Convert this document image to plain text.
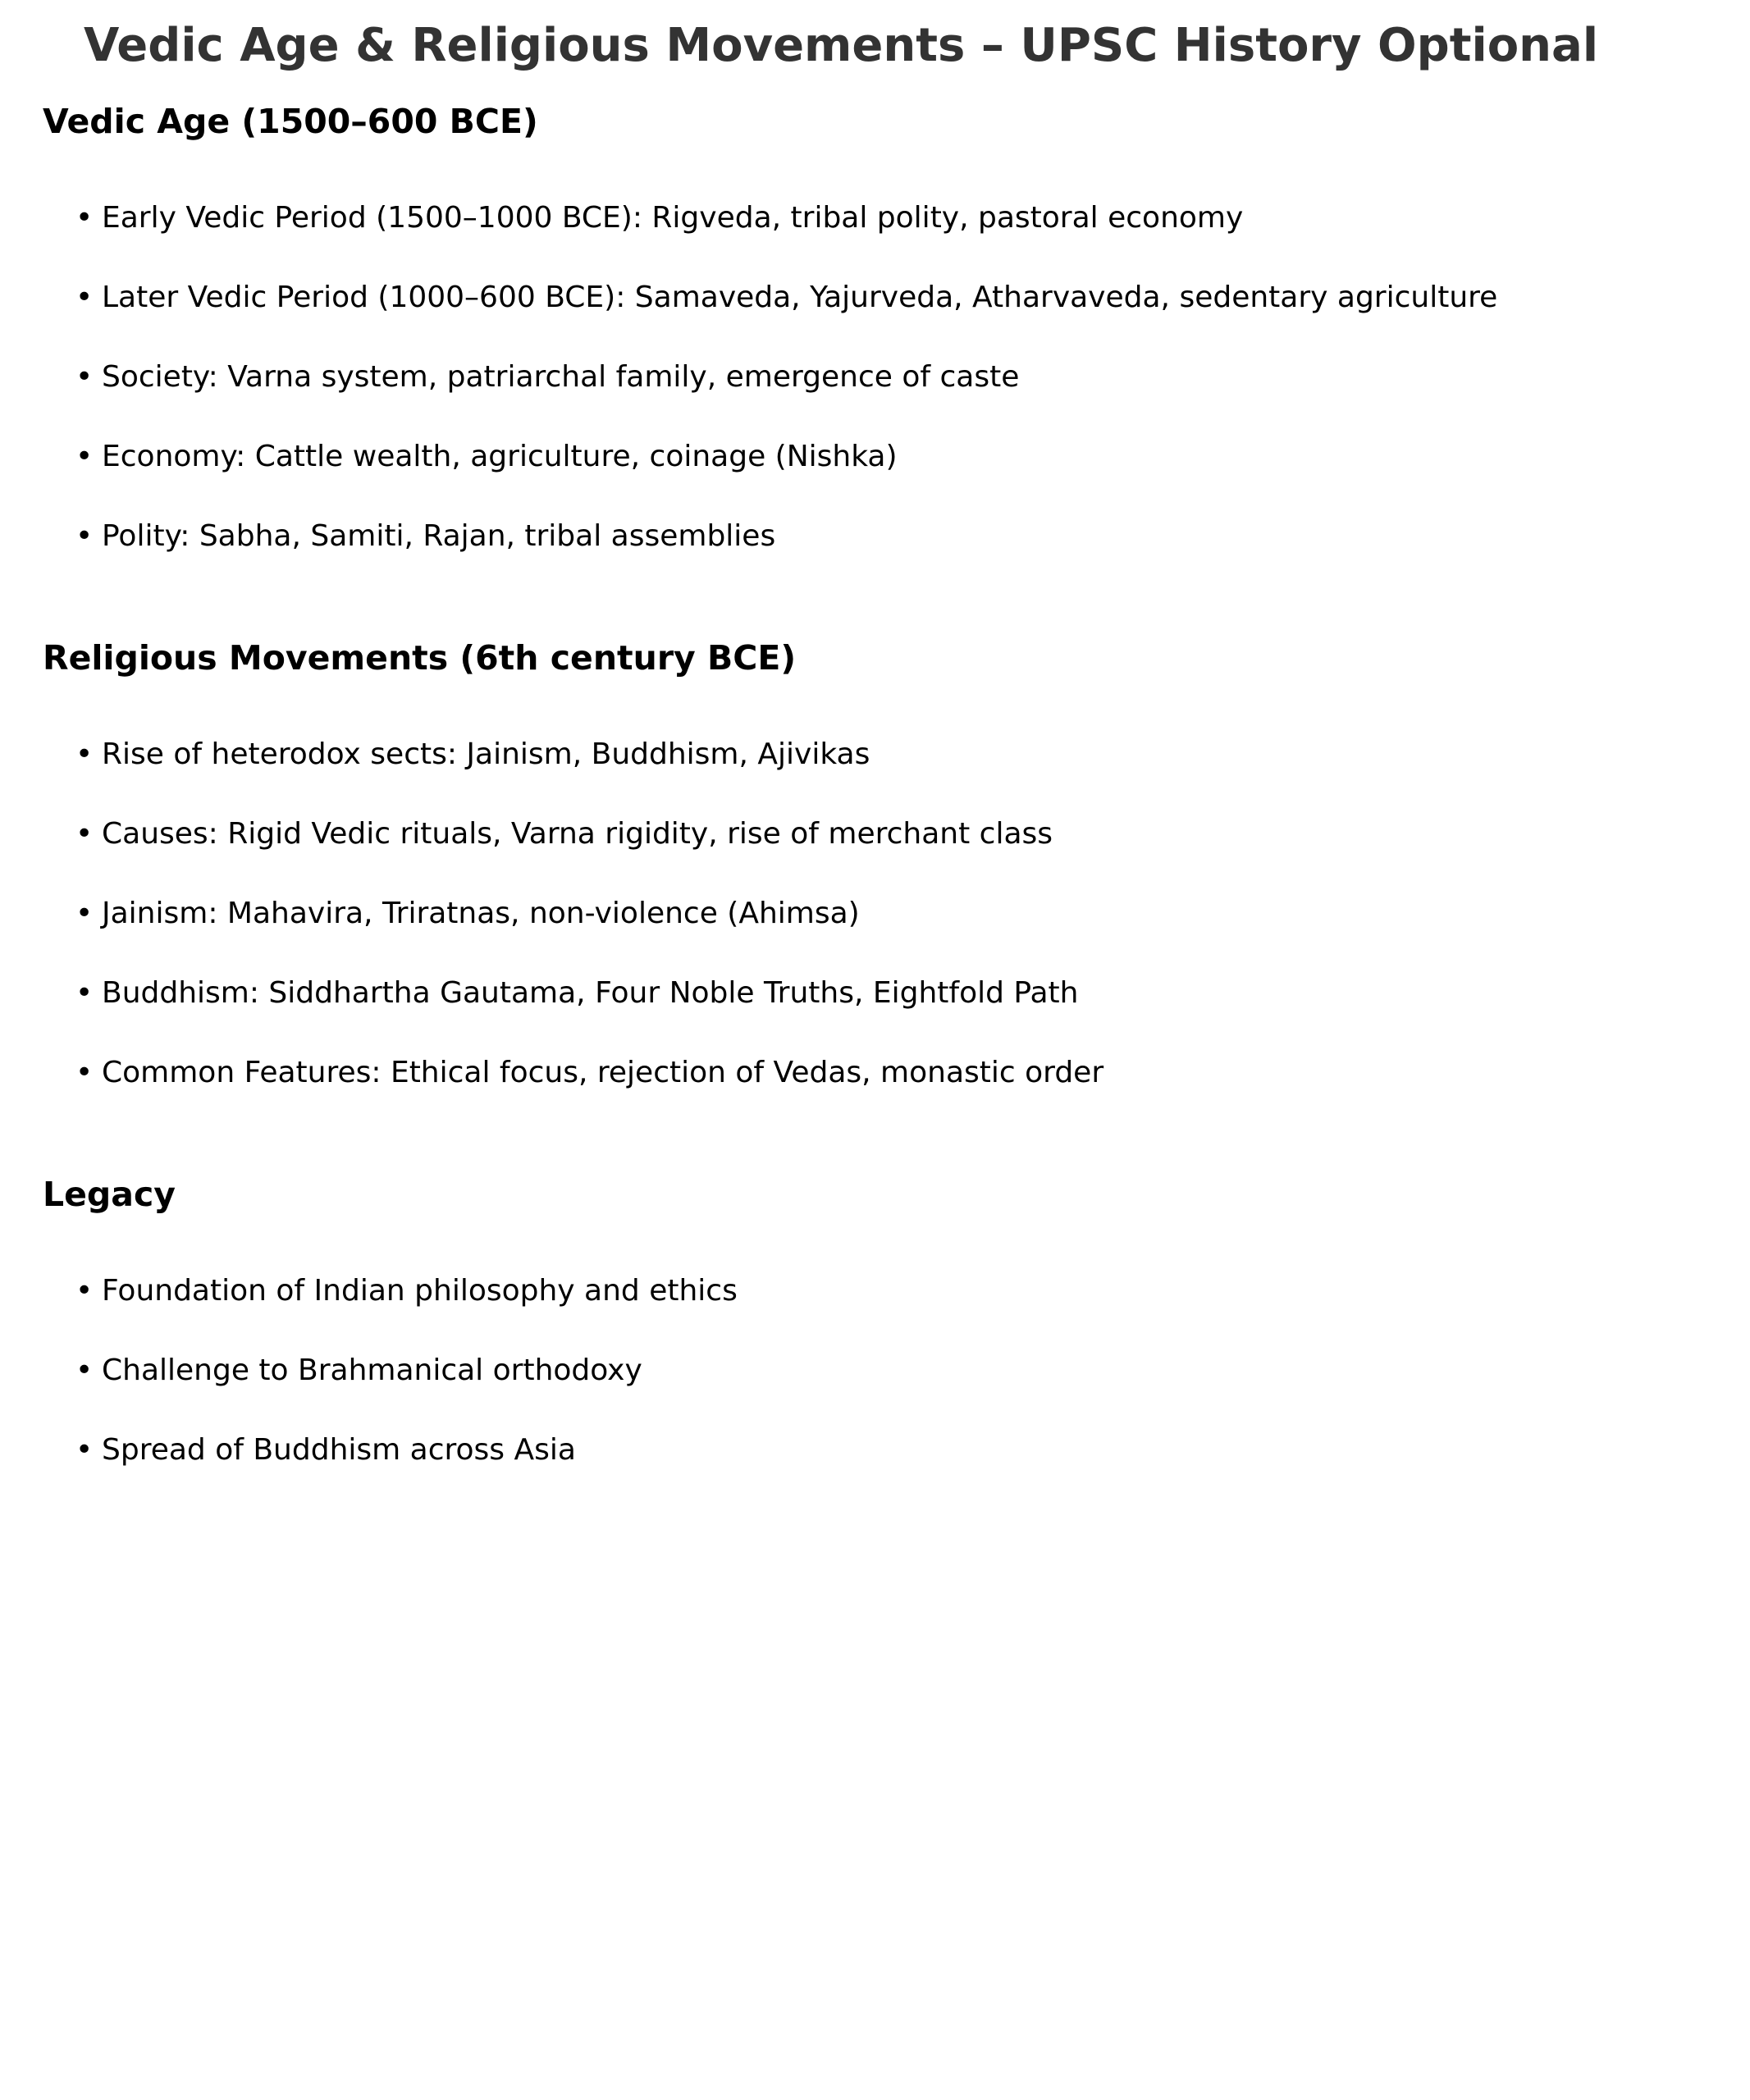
Vedic Age & Religious Movements – UPSC History Optional
Vedic Age (1500–600 BCE)
• Early Vedic Period (1500–1000 BCE): Rigveda, tribal polity, pastoral economy
• Later Vedic Period (1000–600 BCE): Samaveda, Yajurveda, Atharvaveda, sedentary agriculture
• Society: Varna system, patriarchal family, emergence of caste
• Economy: Cattle wealth, agriculture, coinage (Nishka)
• Polity: Sabha, Samiti, Rajan, tribal assemblies
Religious Movements (6th century BCE)
• Rise of heterodox sects: Jainism, Buddhism, Ajivikas
• Causes: Rigid Vedic rituals, Varna rigidity, rise of merchant class
• Jainism: Mahavira, Triratnas, non-violence (Ahimsa)
• Buddhism: Siddhartha Gautama, Four Noble Truths, Eightfold Path
• Common Features: Ethical focus, rejection of Vedas, monastic order
Legacy
• Foundation of Indian philosophy and ethics
• Challenge to Brahmanical orthodoxy
• Spread of Buddhism across Asia
